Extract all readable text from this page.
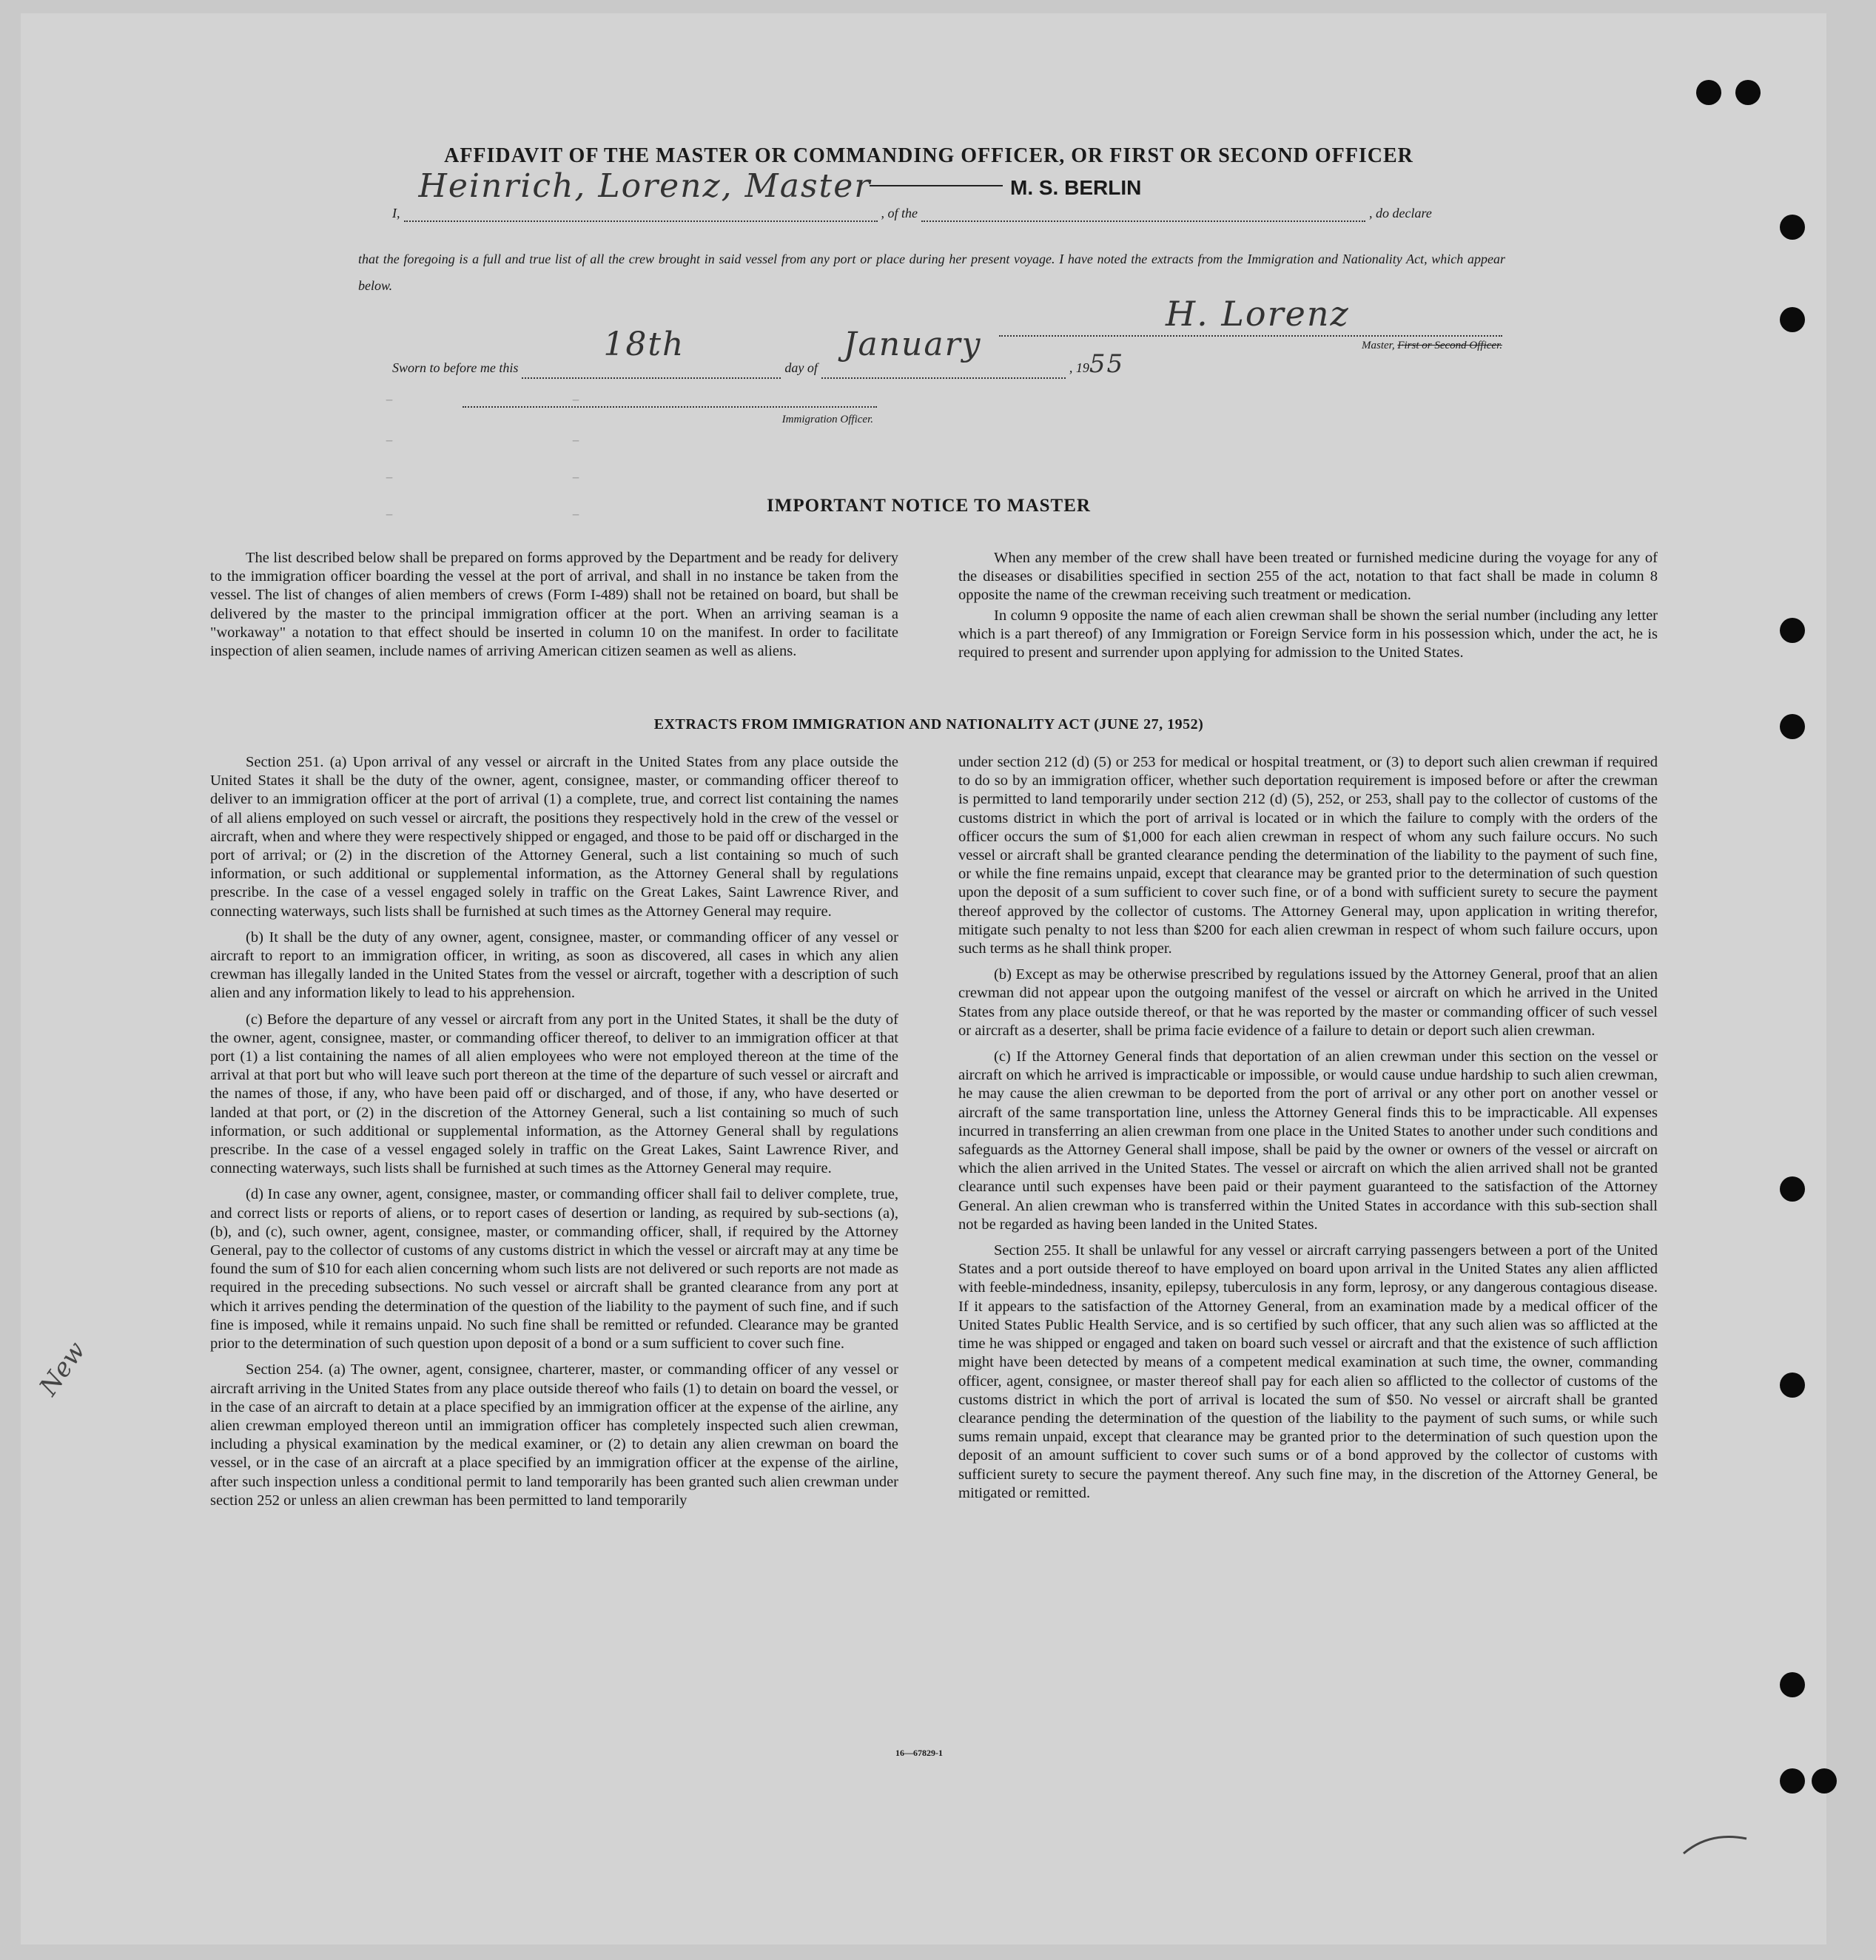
–                    –
–                    –
–                    –
–                    –
AFFIDAVIT OF THE MASTER OR COMMANDING OFFICER, OR FIRST OR SECOND OFFICER
I,
Heinrich, Lorenz, Master
, of the
M. S. BERLIN
, do declare
that the foregoing is a full and true list of all the crew brought in said vessel from any port or place during her present voyage. I have noted the extracts from the Immigration and Nationality Act, which appear below.
H. Lorenz
Master, First or Second Officer.
Sworn to before me this
18th
day of
January
, 1955
Immigration Officer.
IMPORTANT NOTICE TO MASTER

The list described below shall be prepared on forms approved by the Department and be ready for delivery to the immigration officer boarding the vessel at the port of arrival, and shall in no instance be taken from the vessel. The list of changes of alien members of crews (Form I-489) shall not be retained on board, but shall be delivered by the master to the principal immigration officer at the port. When an arriving seaman is a "workaway" a notation to that effect should be inserted in column 10 on the manifest. In order to facilitate inspection of alien seamen, include names of arriving American citizen seamen as well as aliens.

When any member of the crew shall have been treated or furnished medicine during the voyage for any of the diseases or disabilities specified in section 255 of the act, notation to that fact shall be made in column 8 opposite the name of the crewman receiving such treatment or medication.

In column 9 opposite the name of each alien crewman shall be shown the serial number (including any letter which is a part thereof) of any Immigration or Foreign Service form in his possession which, under the act, he is required to present and surrender upon applying for admission to the United States.

EXTRACTS FROM IMMIGRATION AND NATIONALITY ACT (JUNE 27, 1952)

Section 251. (a) Upon arrival of any vessel or aircraft in the United States from any place outside the United States it shall be the duty of the owner, agent, consignee, master, or commanding officer thereof to deliver to an immigration officer at the port of arrival (1) a complete, true, and correct list containing the names of all aliens employed on such vessel or aircraft, the positions they respectively hold in the crew of the vessel or aircraft, when and where they were respectively shipped or engaged, and those to be paid off or discharged in the port of arrival; or (2) in the discretion of the Attorney General, such a list containing so much of such information, or such additional or supplemental information, as the Attorney General shall by regulations prescribe. In the case of a vessel engaged solely in traffic on the Great Lakes, Saint Lawrence River, and connecting waterways, such lists shall be furnished at such times as the Attorney General may require.

(b) It shall be the duty of any owner, agent, consignee, master, or commanding officer of any vessel or aircraft to report to an immigration officer, in writing, as soon as discovered, all cases in which any alien crewman has illegally landed in the United States from the vessel or aircraft, together with a description of such alien and any information likely to lead to his apprehension.

(c) Before the departure of any vessel or aircraft from any port in the United States, it shall be the duty of the owner, agent, consignee, master, or commanding officer thereof, to deliver to an immigration officer at that port (1) a list containing the names of all alien employees who were not employed thereon at the time of the arrival at that port but who will leave such port thereon at the time of the departure of such vessel or aircraft and the names of those, if any, who have been paid off or discharged, and of those, if any, who have deserted or landed at that port, or (2) in the discretion of the Attorney General, such a list containing so much of such information, or such additional or supplemental information, as the Attorney General shall by regulations prescribe. In the case of a vessel engaged solely in traffic on the Great Lakes, Saint Lawrence River, and connecting waterways, such lists shall be furnished at such times as the Attorney General may require.

(d) In case any owner, agent, consignee, master, or commanding officer shall fail to deliver complete, true, and correct lists or reports of aliens, or to report cases of desertion or landing, as required by sub-sections (a), (b), and (c), such owner, agent, consignee, master, or commanding officer, shall, if required by the Attorney General, pay to the collector of customs of any customs district in which the vessel or aircraft may at any time be found the sum of $10 for each alien concerning whom such lists are not delivered or such reports are not made as required in the preceding subsections. No such vessel or aircraft shall be granted clearance from any port at which it arrives pending the determination of the question of the liability to the payment of such fine, and if such fine is imposed, while it remains unpaid. No such fine shall be remitted or refunded. Clearance may be granted prior to the determination of such question upon deposit of a bond or a sum sufficient to cover such fine.

Section 254. (a) The owner, agent, consignee, charterer, master, or commanding officer of any vessel or aircraft arriving in the United States from any place outside thereof who fails (1) to detain on board the vessel, or in the case of an aircraft to detain at a place specified by an immigration officer at the expense of the airline, any alien crewman employed thereon until an immigration officer has completely inspected such alien crewman, including a physical examination by the medical examiner, or (2) to detain any alien crewman on board the vessel, or in the case of an aircraft at a place specified by an immigration officer at the expense of the airline, after such inspection unless a conditional permit to land temporarily has been granted such alien crewman under section 252 or unless an alien crewman has been permitted to land temporarily

under section 212 (d) (5) or 253 for medical or hospital treatment, or (3) to deport such alien crewman if required to do so by an immigration officer, whether such deportation requirement is imposed before or after the crewman is permitted to land temporarily under section 212 (d) (5), 252, or 253, shall pay to the collector of customs of the customs district in which the port of arrival is located or in which the failure to comply with the orders of the officer occurs the sum of $1,000 for each alien crewman in respect of whom any such failure occurs. No such vessel or aircraft shall be granted clearance pending the determination of the liability to the payment of such fine, or while the fine remains unpaid, except that clearance may be granted prior to the determination of such question upon the deposit of a sum sufficient to cover such fine, or of a bond with sufficient surety to secure the payment thereof approved by the collector of customs. The Attorney General may, upon application in writing therefor, mitigate such penalty to not less than $200 for each alien crewman in respect of whom such failure occurs, upon such terms as he shall think proper.

(b) Except as may be otherwise prescribed by regulations issued by the Attorney General, proof that an alien crewman did not appear upon the outgoing manifest of the vessel or aircraft on which he arrived in the United States from any place outside thereof, or that he was reported by the master or commanding officer of such vessel or aircraft as a deserter, shall be prima facie evidence of a failure to detain or deport such alien crewman.

(c) If the Attorney General finds that deportation of an alien crewman under this section on the vessel or aircraft on which he arrived is impracticable or impossible, or would cause undue hardship to such alien crewman, he may cause the alien crewman to be deported from the port of arrival or any other port on another vessel or aircraft of the same transportation line, unless the Attorney General finds this to be impracticable. All expenses incurred in transferring an alien crewman from one place in the United States to another under such conditions and safeguards as the Attorney General shall impose, shall be paid by the owner or owners of the vessel or aircraft on which the alien arrived in the United States. The vessel or aircraft on which the alien arrived shall not be granted clearance until such expenses have been paid or their payment guaranteed to the satisfaction of the Attorney General. An alien crewman who is transferred within the United States in accordance with this sub-section shall not be regarded as having been landed in the United States.

Section 255. It shall be unlawful for any vessel or aircraft carrying passengers between a port of the United States and a port outside thereof to have employed on board upon arrival in the United States any alien afflicted with feeble-mindedness, insanity, epilepsy, tuberculosis in any form, leprosy, or any dangerous contagious disease. If it appears to the satisfaction of the Attorney General, from an examination made by a medical officer of the United States Public Health Service, and is so certified by such officer, that any such alien was so afflicted at the time he was shipped or engaged and taken on board such vessel or aircraft and that the existence of such affliction might have been detected by means of a competent medical examination at such time, the owner, commanding officer, agent, consignee, or master thereof shall pay for each alien so afflicted to the collector of customs of the customs district in which the port of arrival is located the sum of $50. No vessel or aircraft shall be granted clearance pending the determination of the question of the liability to the payment of such sums, or while such sums remain unpaid, except that clearance may be granted prior to the determination of such question upon the deposit of an amount sufficient to cover such sums or of a bond approved by the collector of customs with sufficient surety to secure the payment thereof. Any such fine may, in the discretion of the Attorney General, be mitigated or remitted.

16—67829-1
New
